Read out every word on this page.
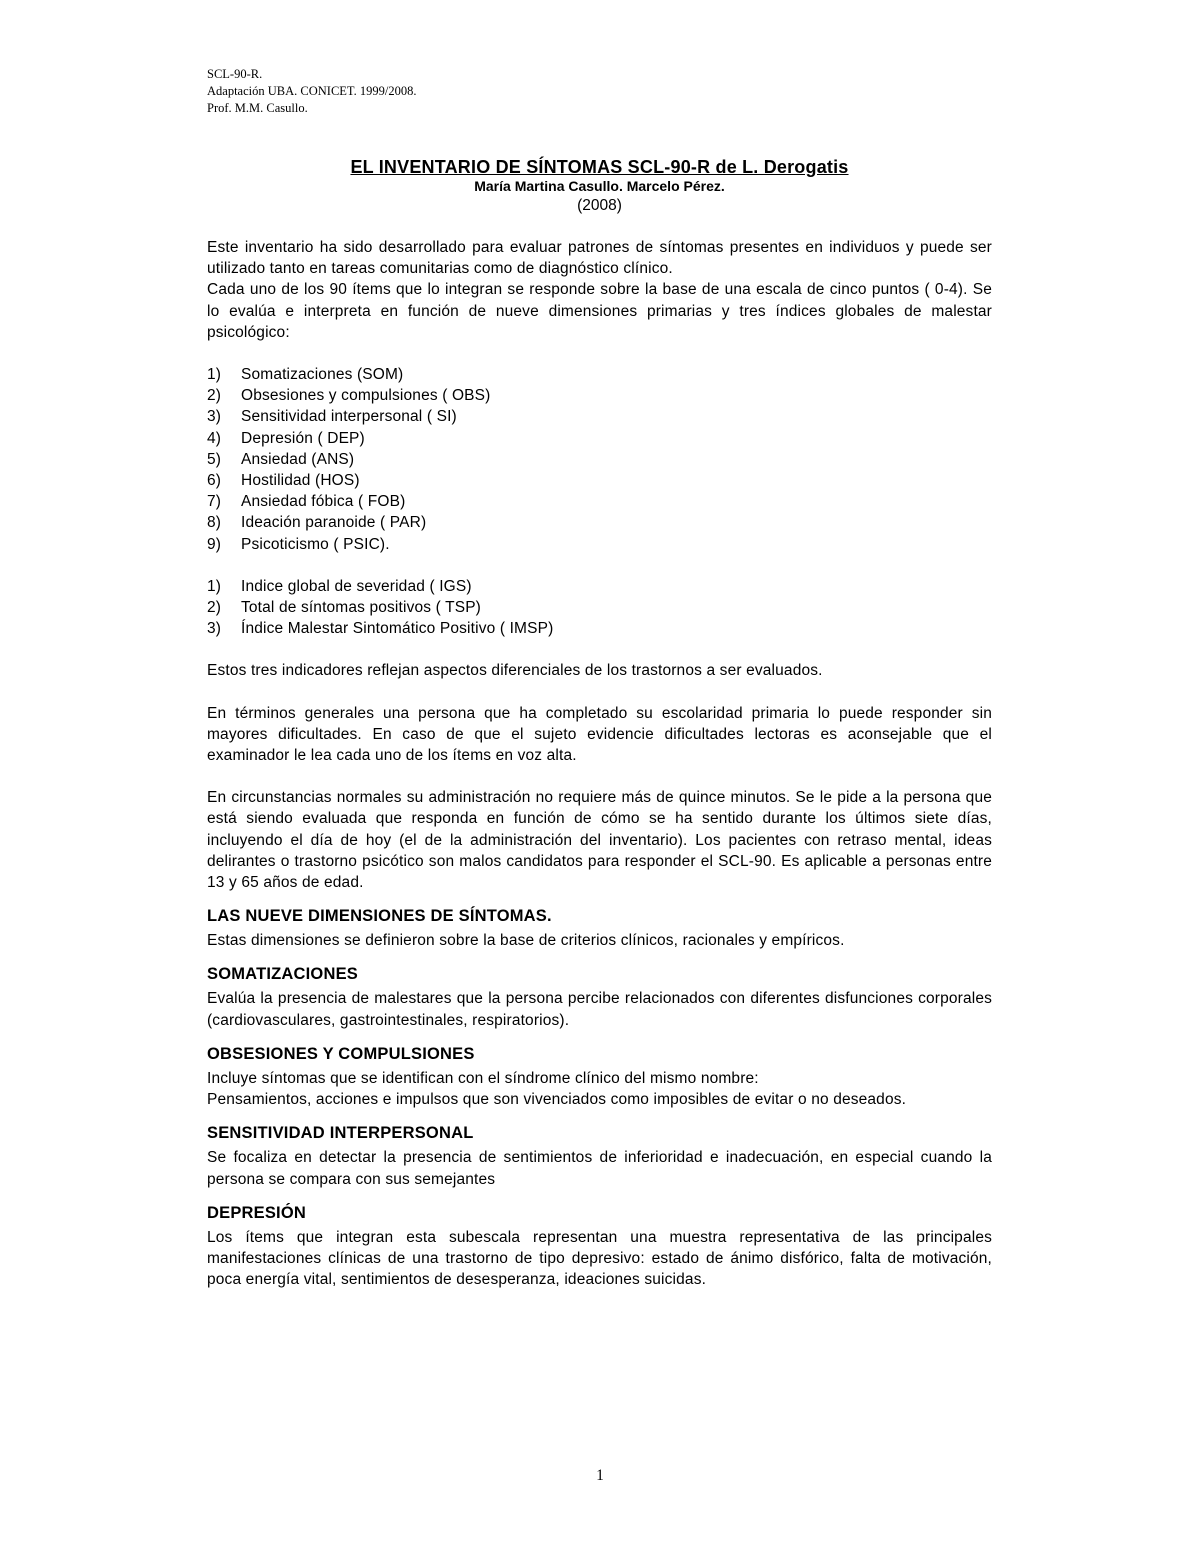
SCL-90-R.
Adaptación UBA. CONICET. 1999/2008.
Prof. M.M. Casullo.
EL INVENTARIO DE SÍNTOMAS SCL-90-R de L. Derogatis
María Martina Casullo. Marcelo Pérez.
(2008)

Este inventario ha sido desarrollado para evaluar patrones de síntomas presentes en individuos y puede ser utilizado tanto en tareas comunitarias como de diagnóstico clínico.

Cada uno de los 90 ítems que lo integran se responde sobre la base de una escala de cinco puntos ( 0-4). Se lo evalúa e interpreta en función de nueve dimensiones primarias y tres índices globales de malestar psicológico:

1)	Somatizaciones (SOM)
2)	Obsesiones y compulsiones ( OBS)
3)	Sensitividad interpersonal ( SI)
4)	Depresión ( DEP)
5)	Ansiedad (ANS)
6)	Hostilidad (HOS)
7)	Ansiedad fóbica ( FOB)
8)	Ideación paranoide ( PAR)
9)	Psicoticismo ( PSIC).
1)	Indice global de severidad ( IGS)
2)	Total de síntomas positivos ( TSP)
3)	Índice Malestar Sintomático Positivo ( IMSP)

Estos tres indicadores reflejan aspectos diferenciales de los trastornos a ser evaluados.

En términos generales una persona que ha completado su escolaridad primaria lo puede responder sin mayores dificultades. En caso de que el sujeto evidencie dificultades lectoras es aconsejable que el examinador le lea cada uno de los ítems en voz alta.

En circunstancias normales su administración no requiere más de quince minutos. Se le pide a la persona que está siendo evaluada que responda en función de cómo se ha sentido durante los últimos siete días, incluyendo el día de hoy (el de la administración del inventario). Los pacientes con retraso mental, ideas delirantes o trastorno psicótico son malos candidatos para responder el SCL-90. Es aplicable a personas entre 13 y 65 años de edad.

LAS NUEVE DIMENSIONES DE SÍNTOMAS.

Estas dimensiones se definieron sobre la base de criterios clínicos, racionales y empíricos.

SOMATIZACIONES

Evalúa la presencia de malestares que la persona percibe relacionados con diferentes disfunciones corporales (cardiovasculares, gastrointestinales, respiratorios).

OBSESIONES Y COMPULSIONES

Incluye síntomas que se identifican con el síndrome clínico del mismo nombre:

Pensamientos, acciones e impulsos que son vivenciados como imposibles de evitar o no deseados.

SENSITIVIDAD INTERPERSONAL

Se focaliza en detectar la presencia de sentimientos de inferioridad e inadecuación, en especial cuando la persona se compara con sus semejantes

DEPRESIÓN

Los ítems que integran esta subescala representan una muestra representativa de las principales manifestaciones clínicas de una trastorno de tipo depresivo: estado de ánimo disfórico, falta de motivación, poca energía vital, sentimientos de desesperanza, ideaciones suicidas.

1
